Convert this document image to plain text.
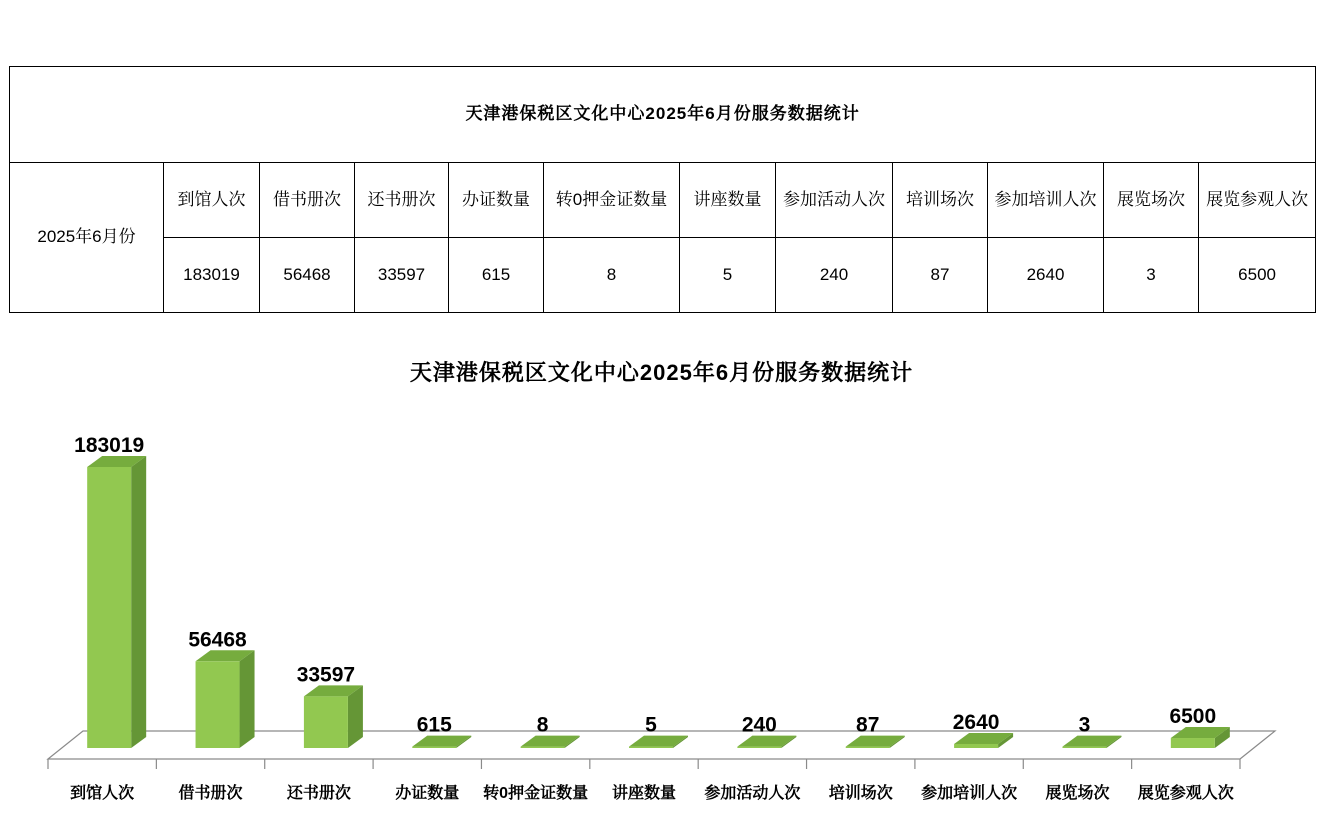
天津港保税区文化中心2025年6月份服务数据统计											
2025年6月份	到馆人次	借书册次	还书册次	办证数量	转0押金证数量	讲座数量	参加活动人次	培训场次	参加培训人次	展览场次	展览参观人次
	183019	56468	33597	615	8	5	240	87	2640	3	6500
天津港保税区文化中心2025年6月份服务数据统计
183019
到馆人次
56468
借书册次
33597
还书册次
615
办证数量
8
转0押金证数量
5
讲座数量
240
参加活动人次
87
培训场次
2640
参加培训人次
3
展览场次
6500
展览参观人次
